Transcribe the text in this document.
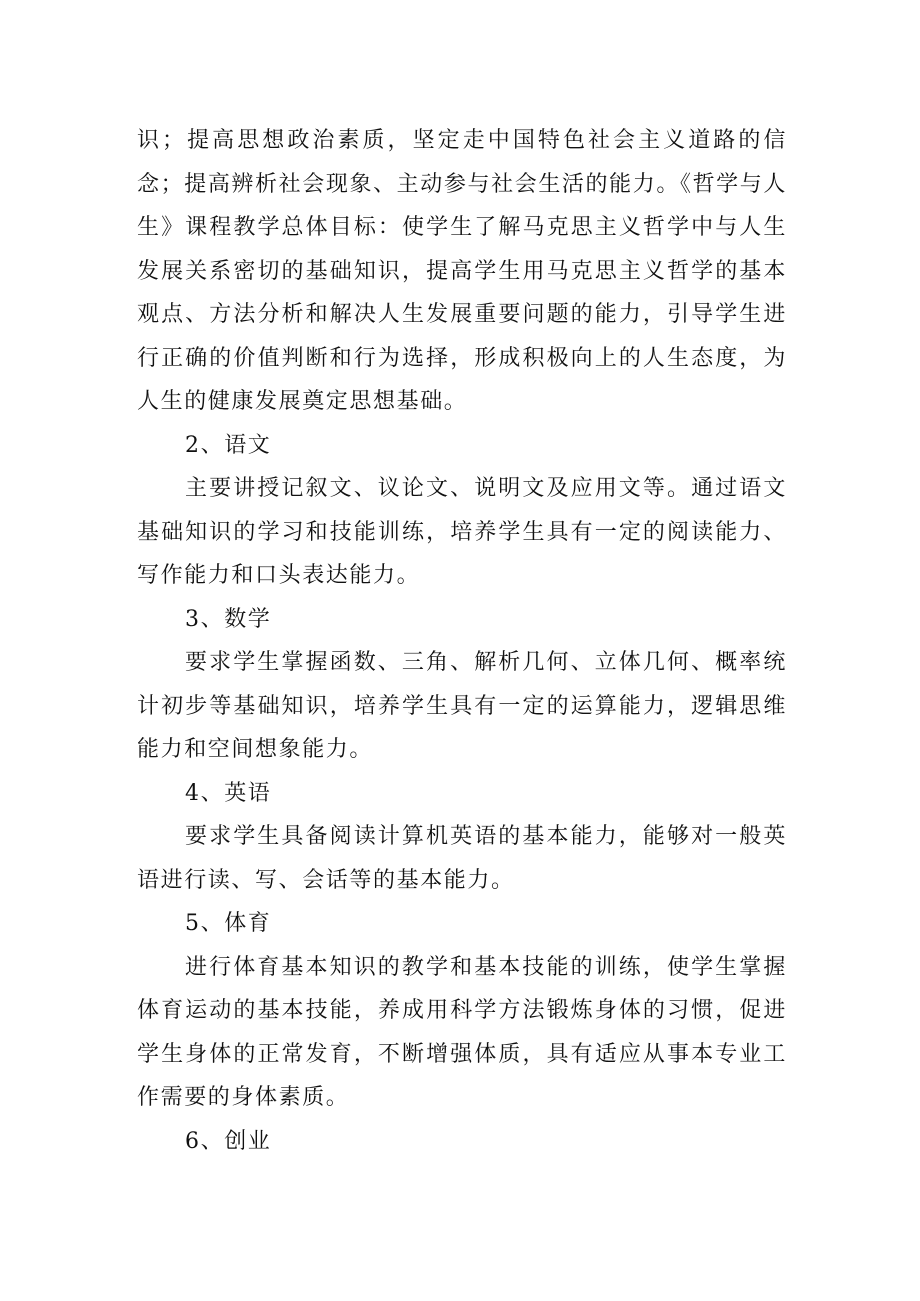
识；提高思想政治素质，坚定走中国特色社会主义道路的信念；提高辨析社会现象、主动参与社会生活的能力。《哲学与人生》课程教学总体目标：使学生了解马克思主义哲学中与人生发展关系密切的基础知识，提高学生用马克思主义哲学的基本观点、方法分析和解决人生发展重要问题的能力，引导学生进行正确的价值判断和行为选择，形成积极向上的人生态度，为人生的健康发展奠定思想基础。

2、语文

主要讲授记叙文、议论文、说明文及应用文等。通过语文基础知识的学习和技能训练，培养学生具有一定的阅读能力、写作能力和口头表达能力。

3、数学

要求学生掌握函数、三角、解析几何、立体几何、概率统计初步等基础知识，培养学生具有一定的运算能力，逻辑思维能力和空间想象能力。

4、英语

要求学生具备阅读计算机英语的基本能力，能够对一般英语进行读、写、会话等的基本能力。

5、体育

进行体育基本知识的教学和基本技能的训练，使学生掌握体育运动的基本技能，养成用科学方法锻炼身体的习惯，促进学生身体的正常发育，不断增强体质，具有适应从事本专业工作需要的身体素质。

6、创业
